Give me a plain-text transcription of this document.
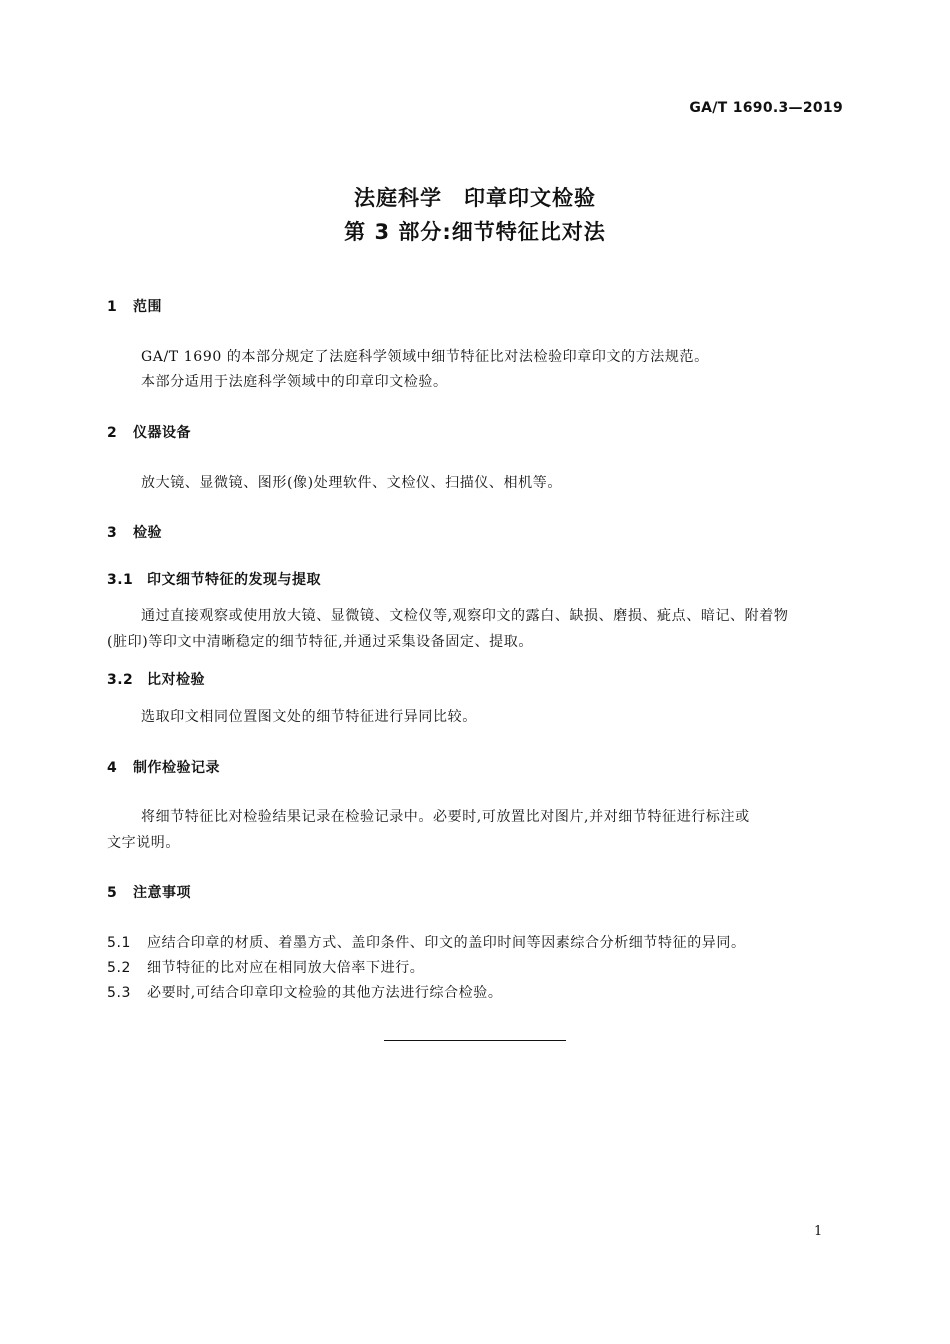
GA/T 1690.3—2019
法庭科学　印章印文检验
第 3 部分:细节特征比对法
1 范围
GA/T 1690 的本部分规定了法庭科学领域中细节特征比对法检验印章印文的方法规范。
本部分适用于法庭科学领域中的印章印文检验。
2 仪器设备
放大镜、显微镜、图形(像)处理软件、文检仪、扫描仪、相机等。
3 检验
3.1 印文细节特征的发现与提取
通过直接观察或使用放大镜、显微镜、文检仪等,观察印文的露白、缺损、磨损、疵点、暗记、附着物
(脏印)等印文中清晰稳定的细节特征,并通过采集设备固定、提取。
3.2 比对检验
选取印文相同位置图文处的细节特征进行异同比较。
4 制作检验记录
将细节特征比对检验结果记录在检验记录中。必要时,可放置比对图片,并对细节特征进行标注或
文字说明。
5 注意事项
5.1 应结合印章的材质、着墨方式、盖印条件、印文的盖印时间等因素综合分析细节特征的异同。
5.2 细节特征的比对应在相同放大倍率下进行。
5.3 必要时,可结合印章印文检验的其他方法进行综合检验。
1
